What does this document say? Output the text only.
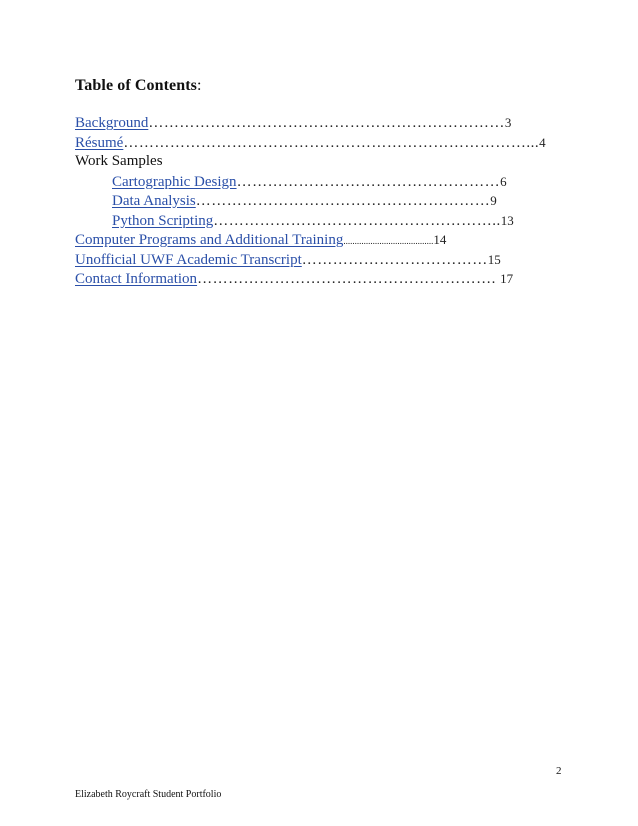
Table of Contents:
Background……………………………………………………………3
Résumé……………………………………………………………………...4
Work Samples
Cartographic Design……………………………………………6
Data Analysis…………………………………………………9
Python Scripting………………………………………………..13
Computer Programs and Additional Training........................................14
Unofficial UWF Academic Transcript………………………………15
Contact Information…………………………………………………. 17

2

Elizabeth Roycraft Student Portfolio
